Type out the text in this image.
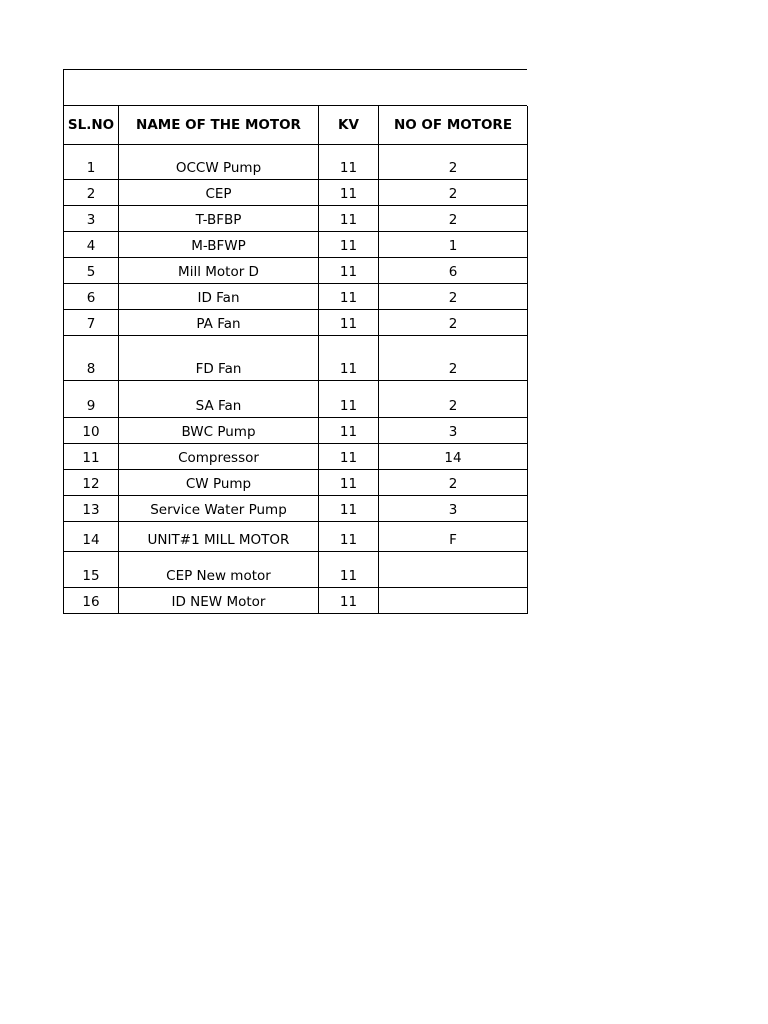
SL.NO	NAME OF THE MOTOR	KV	NO OF MOTORE
1	OCCW Pump	11	2
2	CEP	11	2
3	T-BFBP	11	2
4	M-BFWP	11	1
5	Mill Motor D	11	6
6	ID Fan	11	2
7	PA Fan	11	2
8	FD Fan	11	2
9	SA Fan	11	2
10	BWC Pump	11	3
11	Compressor	11	14
12	CW Pump	11	2
13	Service Water Pump	11	3
14	UNIT#1 MILL MOTOR	11	F
15	CEP New motor	11	
16	ID NEW Motor	11	
